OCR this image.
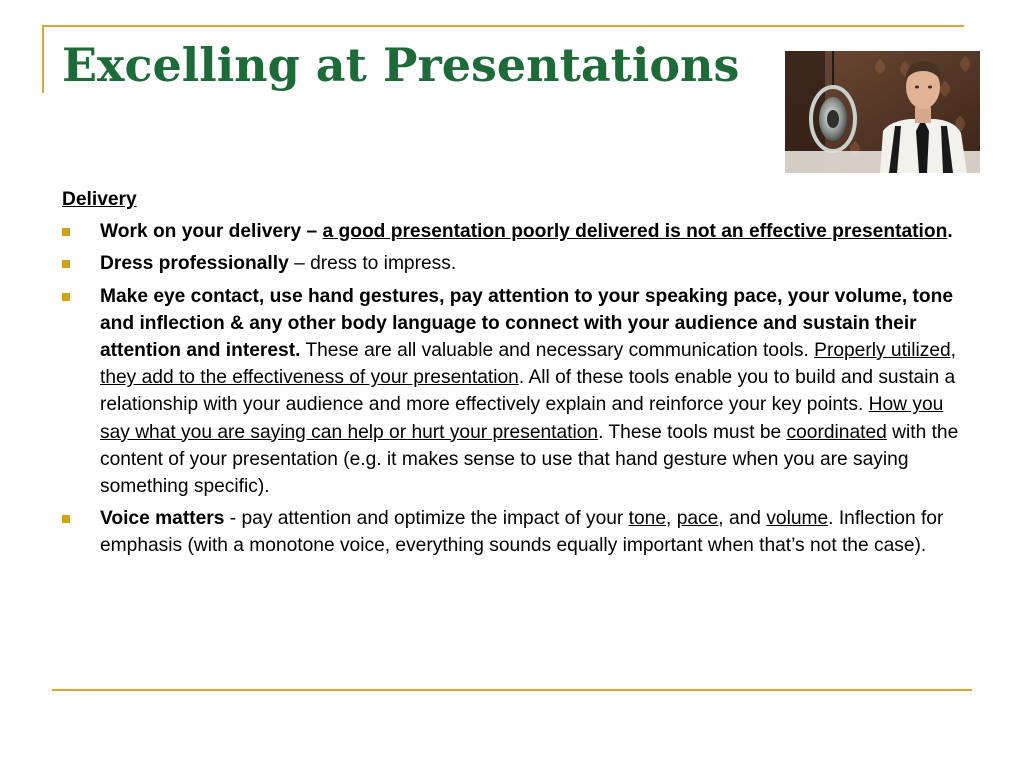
Excelling at Presentations
Delivery
Work on your delivery – a good presentation poorly delivered is not an effective presentation.
Dress professionally – dress to impress.
Make eye contact, use hand gestures, pay attention to your speaking pace, your volume, tone and inflection & any other body language to connect with your audience and sustain their attention and interest. These are all valuable and necessary communication tools. Properly utilized, they add to the effectiveness of your presentation. All of these tools enable you to build and sustain a relationship with your audience and more effectively explain and reinforce your key points. How you say what you are saying can help or hurt your presentation. These tools must be coordinated with the content of your presentation (e.g. it makes sense to use that hand gesture when you are saying something specific).
Voice matters - pay attention and optimize the impact of your tone, pace, and volume. Inflection for emphasis (with a monotone voice, everything sounds equally important when that’s not the case).
